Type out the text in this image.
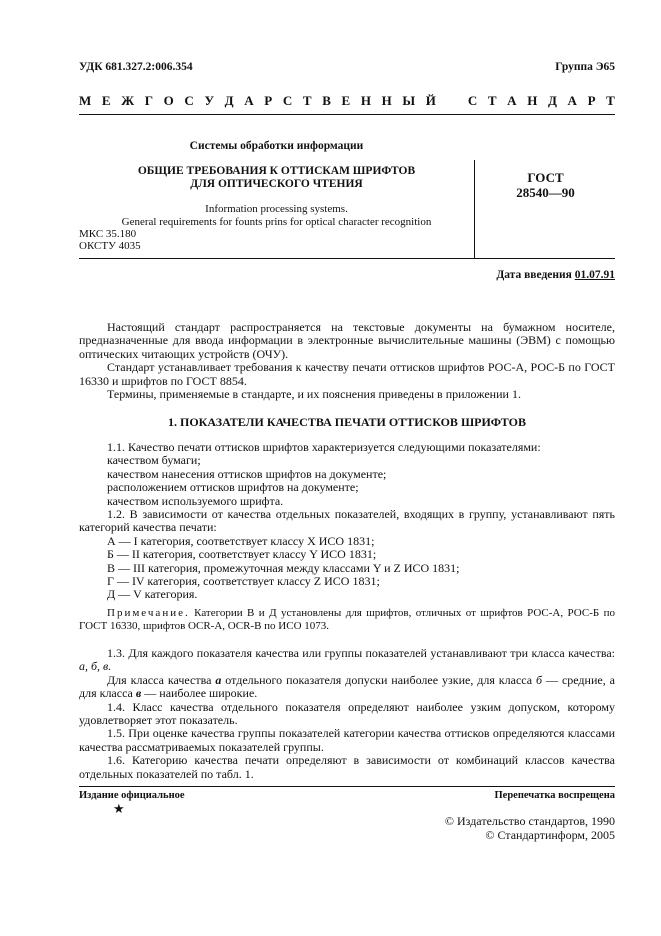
УДК 681.327.2:006.354	Группа Э65
М Е Ж Г О С У Д А Р С Т В Е Н Н Ы Й С Т А Н Д А Р Т
Системы обработки информации
ОБЩИЕ ТРЕБОВАНИЯ К ОТТИСКАМ ШРИФТОВ
ДЛЯ ОПТИЧЕСКОГО ЧТЕНИЯ	ГОСТ
28540—90
Information processing systems.
General requirements for founts prins for optical character recognition
МКС 35.180
ОКСТУ 4035
Дата введения 01.07.91

Настоящий стандарт распространяется на текстовые документы на бумажном носителе, предназначенные для ввода информации в электронные вычислительные машины (ЭВМ) с помощью оптических читающих устройств (ОЧУ).

Стандарт устанавливает требования к качеству печати оттисков шрифтов РОС-А, РОС-Б по ГОСТ 16330 и шрифтов по ГОСТ 8854.

Термины, применяемые в стандарте, и их пояснения приведены в приложении 1.

1. ПОКАЗАТЕЛИ КАЧЕСТВА ПЕЧАТИ ОТТИСКОВ ШРИФТОВ

1.1. Качество печати оттисков шрифтов характеризуется следующими показателями:

качеством бумаги;

качеством нанесения оттисков шрифтов на документе;

расположением оттисков шрифтов на документе;

качеством используемого шрифта.

1.2. В зависимости от качества отдельных показателей, входящих в группу, устанавливают пять категорий качества печати:

А — I категория, соответствует классу X ИСО 1831;

Б — II категория, соответствует классу Y ИСО 1831;

В — III категория, промежуточная между классами Y и Z ИСО 1831;

Г — IV категория, соответствует классу Z ИСО 1831;

Д — V категория.

Примечание. Категории В и Д установлены для шрифтов, отличных от шрифтов РОС-А, РОС-Б по ГОСТ 16330, шрифтов OCR-A, OCR-B по ИСО 1073.

1.3. Для каждого показателя качества или группы показателей устанавливают три класса качества: а, б, в.

Для класса качества а отдельного показателя допуски наиболее узкие, для класса б — средние, а для класса в — наиболее широкие.

1.4. Класс качества отдельного показателя определяют наиболее узким допуском, которому удовлетворяет этот показатель.

1.5. При оценке качества группы показателей категории качества оттисков определяются классами качества рассматриваемых показателей группы.

1.6. Категорию качества печати определяют в зависимости от комбинаций классов качества отдельных показателей по табл. 1.

Издание официальное	Перепечатка воспрещена
★
© Издательство стандартов, 1990
© Стандартинформ, 2005
